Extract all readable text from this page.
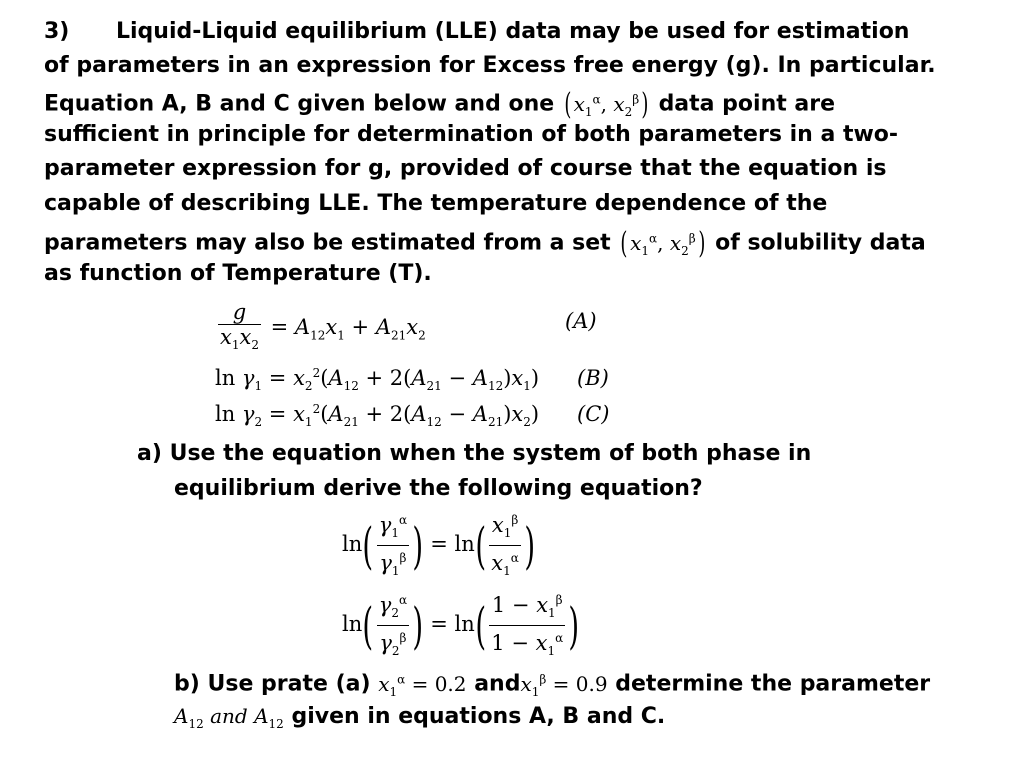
3) Liquid-Liquid equilibrium (LLE) data may be used for estimation
of parameters in an expression for Excess free energy (g). In particular.
Equation A, B and C given below and one ( $x_1^\alpha$, $x_2^\beta$) data point are
sufficient in principle for determination of both parameters in a two-
parameter expression for g, provided of course that the equation is
capable of describing LLE. The temperature dependence of the
parameters may also be estimated from a set ( $x_1^\alpha$, $x_2^\beta$) of solubility data
as function of Temperature (T).
$\frac{g}{x_1x_2} = A_{12}x_1 + A_{21}x_2$
(A)
$\ln \gamma_1 = x_2^2(A_{12} + 2(A_{21} - A_{12})x_1)$ (B)
$\ln \gamma_2 = x_1^2(A_{21} + 2(A_{12} - A_{21})x_2)$ (C)
a) Use the equation when the system of both phase in
equilibrium derive the following equation?
$\ln( \frac{\gamma_1^\alpha}{\gamma_1^\beta}$ ) = $\ln( \frac{x_1^\beta}{x_1^\alpha}$ )
$\ln( \frac{\gamma_2^\alpha}{\gamma_2^\beta}$ ) = $\ln( \frac{1 - x_1^\beta}{1 - x_1^\alpha}$ )
b) Use prate (a) $x_1^\alpha = 0.2$ andx$_1^\beta$ = 0.9 determine the parameter
$A_{12}$ and $A_{12}$ given in equations A, B and C.
